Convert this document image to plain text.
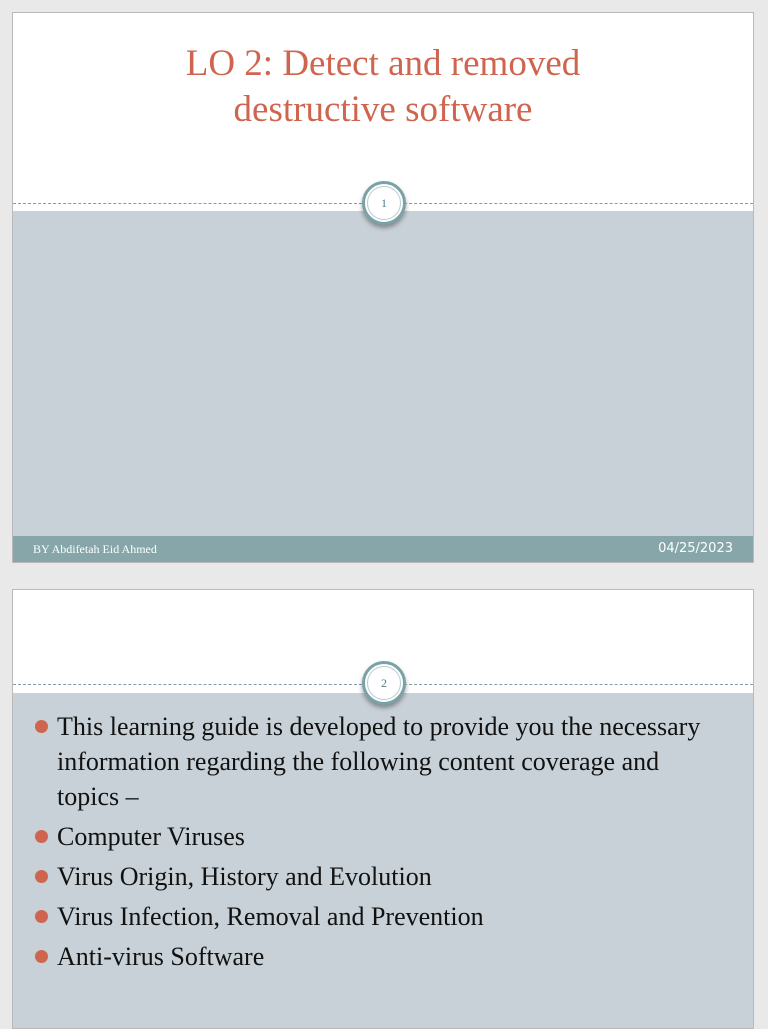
LO 2: Detect and removed
destructive software
1
BY Abdifetah Eid Ahmed	04/25/2023
2
This learning guide is developed to provide you the necessary information regarding the following content coverage and topics –
Computer Viruses
Virus Origin, History and Evolution
Virus Infection, Removal and Prevention
Anti-virus Software
